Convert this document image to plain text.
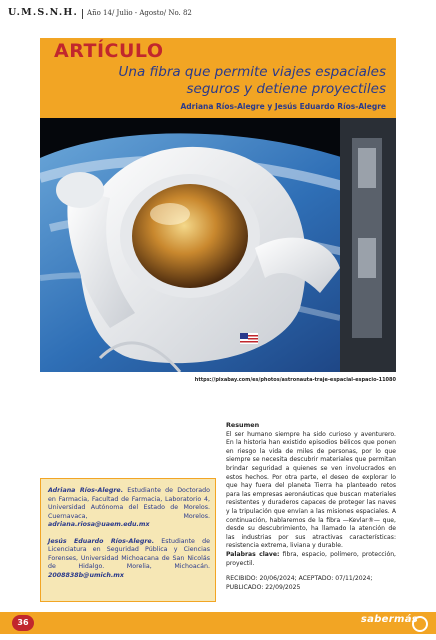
U.M.S.N.H. Año 14/ Julio - Agosto/ No. 82
ARTÍCULO
Una fibra que permite viajes espaciales
seguros y detiene proyectiles
Adriana Ríos-Alegre y Jesús Eduardo Ríos-Alegre
https://pixabay.com/es/photos/astronauta-traje-espacial-espacio-11080

Adriana Ríos-Alegre. Estudiante de Doctorado en Farmacia, Facultad de Farmacia, Laboratorio 4, Universidad Autónoma del Estado de Morelos. Cuernavaca, Morelos. adriana.riosa@uaem.edu.mx

Jesús Eduardo Ríos-Alegre. Estudiante de Licenciatura en Seguridad Pública y Ciencias Forenses, Universidad Michoacana de San Nicolás de Hidalgo. Morelia, Michoacán. 2008838b@umich.mx

Resumen

El ser humano siempre ha sido curioso y aventurero. En la historia han existido episodios bélicos que ponen en riesgo la vida de miles de personas, por lo que siempre se necesita descubrir materiales que permitan brindar seguridad a quienes se ven involucrados en estos hechos. Por otra parte, el deseo de explorar lo que hay fuera del planeta Tierra ha planteado retos para las empresas aeronáuticas que buscan materiales resistentes y duraderos capaces de proteger las naves y la tripulación que envían a las misiones espaciales. A continuación, hablaremos de la fibra —Kevlar®— que, desde su descubrimiento, ha llamado la atención de las industrias por sus atractivas características: resistencia extrema, liviana y durable.

Palabras clave: fibra, espacio, polímero, protección, proyectil.

RECIBIDO: 20/06/2024; ACEPTADO: 07/11/2024; PUBLICADO: 22/09/2025
36	sabermás
